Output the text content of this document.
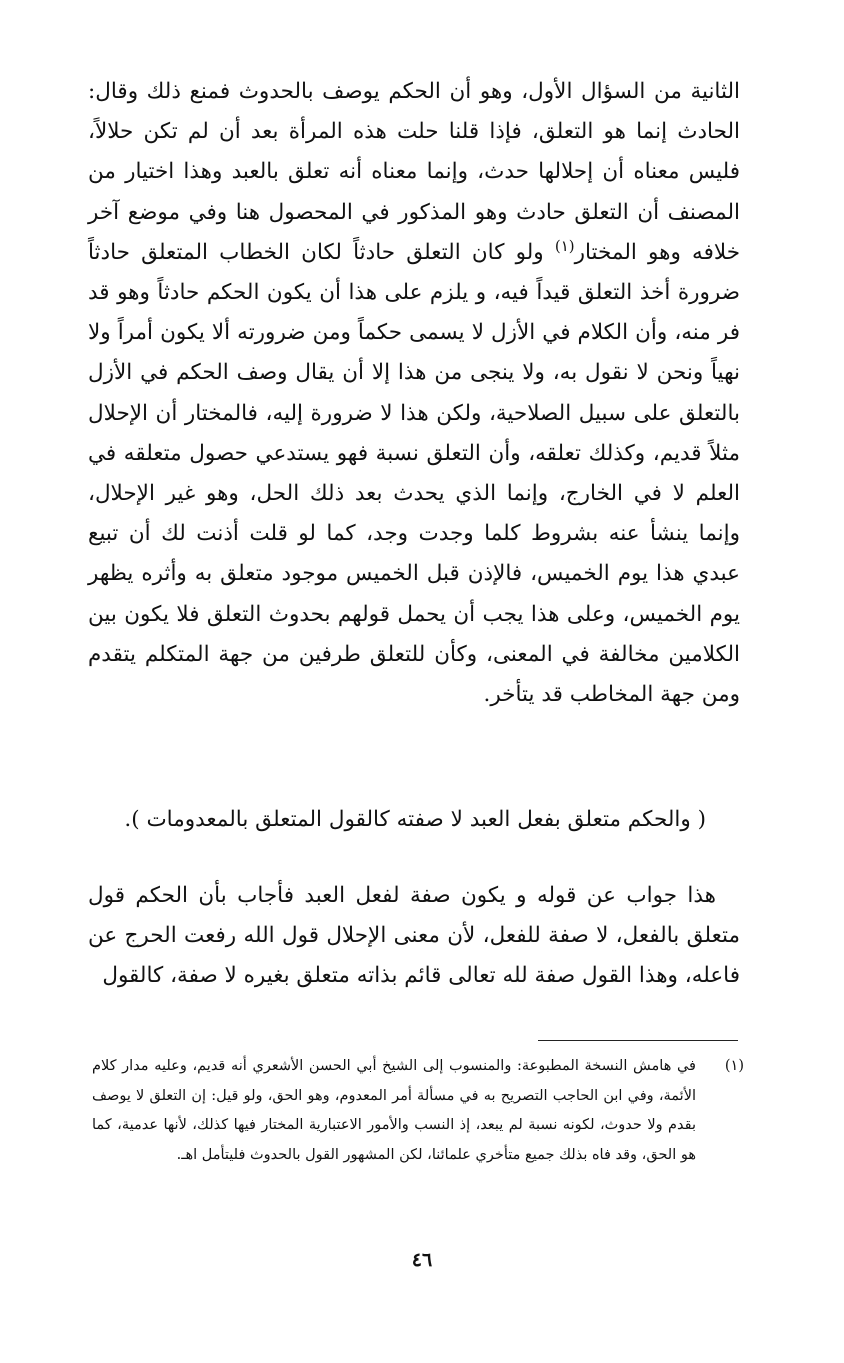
الثانية من السؤال الأول، وهو أن الحكم يوصف بالحدوث فمنع ذلك وقال: الحادث إنما هو التعلق، فإذا قلنا حلت هذه المرأة بعد أن لم تكن حلالاً، فليس معناه أن إحلالها حدث، وإنما معناه أنه تعلق بالعبد وهذا اختيار من المصنف أن التعلق حادث وهو المذكور في المحصول هنا وفي موضع آخر خلافه وهو المختار$^{(١)}$ ولو كان التعلق حادثاً لكان الخطاب المتعلق حادثاً ضرورة أخذ التعلق قيداً فيه، و يلزم على هذا أن يكون الحكم حادثاً وهو قد فر منه، وأن الكلام في الأزل لا يسمى حكماً ومن ضرورته ألا يكون أمراً ولا نهياً ونحن لا نقول به، ولا ينجى من هذا إلا أن يقال وصف الحكم في الأزل بالتعلق على سبيل الصلاحية، ولكن هذا لا ضرورة إليه، فالمختار أن الإحلال مثلاً قديم، وكذلك تعلقه، وأن التعلق نسبة فهو يستدعي حصول متعلقه في العلم لا في الخارج، وإنما الذي يحدث بعد ذلك الحل، وهو غير الإحلال، وإنما ينشأ عنه بشروط كلما وجدت وجد، كما لو قلت أذنت لك أن تبيع عبدي هذا يوم الخميس، فالإذن قبل الخميس موجود متعلق به وأثره يظهر يوم الخميس، وعلى هذا يجب أن يحمل قولهم بحدوث التعلق فلا يكون بين الكلامين مخالفة في المعنى، وكأن للتعلق طرفين من جهة المتكلم يتقدم ومن جهة المخاطب قد يتأخر.

( والحكم متعلق بفعل العبد لا صفته كالقول المتعلق بالمعدومات ).

هذا جواب عن قوله و يكون صفة لفعل العبد فأجاب بأن الحكم قول متعلق بالفعل، لا صفة للفعل، لأن معنى الإحلال قول الله رفعت الحرج عن فاعله، وهذا القول صفة لله تعالى قائم بذاته متعلق بغيره لا صفة، كالقول

(١)
في هامش النسخة المطبوعة: والمنسوب إلى الشيخ أبي الحسن الأشعري أنه قديم، وعليه مدار كلام الأئمة، وفي ابن الحاجب التصريح به في مسألة أمر المعدوم، وهو الحق، ولو قيل: إن التعلق لا يوصف بقدم ولا حدوث، لكونه نسبة لم يبعد، إذ النسب والأمور الاعتبارية المختار فيها كذلك، لأنها عدمية، كما هو الحق، وقد فاه بذلك جميع متأخري علمائنا، لكن المشهور القول بالحدوث فليتأمل اهـ.
٤٦
